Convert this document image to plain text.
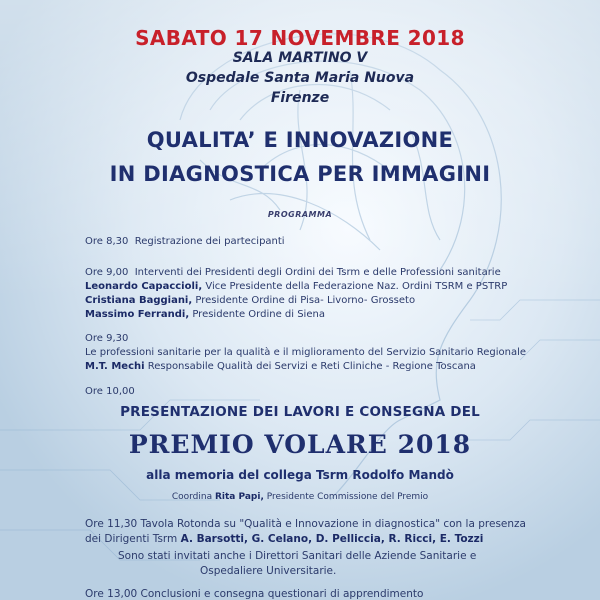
SABATO 17 NOVEMBRE 2018
SALA MARTINO V
Ospedale Santa Maria Nuova
Firenze
QUALITA’ E INNOVAZIONE
IN DIAGNOSTICA PER IMMAGINI
PROGRAMMA
Ore 8,30 Registrazione dei partecipanti
Ore 9,00 Interventi dei Presidenti degli Ordini dei Tsrm e delle Professioni sanitarie
Leonardo Capaccioli, Vice Presidente della Federazione Naz. Ordini TSRM e PSTRP
Cristiana Baggiani, Presidente Ordine di Pisa- Livorno- Grosseto
Massimo Ferrandi, Presidente Ordine di Siena
Ore 9,30
Le professioni sanitarie per la qualità e il miglioramento del Servizio Sanitario Regionale
M.T. Mechi Responsabile Qualità dei Servizi e Reti Cliniche - Regione Toscana
Ore 10,00
PRESENTAZIONE DEI LAVORI E CONSEGNA DEL
PREMIO VOLARE 2018
alla memoria del collega Tsrm Rodolfo Mandò
Coordina Rita Papi, Presidente Commissione del Premio
Ore 11,30 Tavola Rotonda su "Qualità e Innovazione in diagnostica" con la presenza
dei Dirigenti Tsrm A. Barsotti, G. Celano, D. Pelliccia, R. Ricci, E. Tozzi
Sono stati invitati anche i Direttori Sanitari delle Aziende Sanitarie e
Ospedaliere Universitarie.
Ore 13,00 Conclusioni e consegna questionari di apprendimento
